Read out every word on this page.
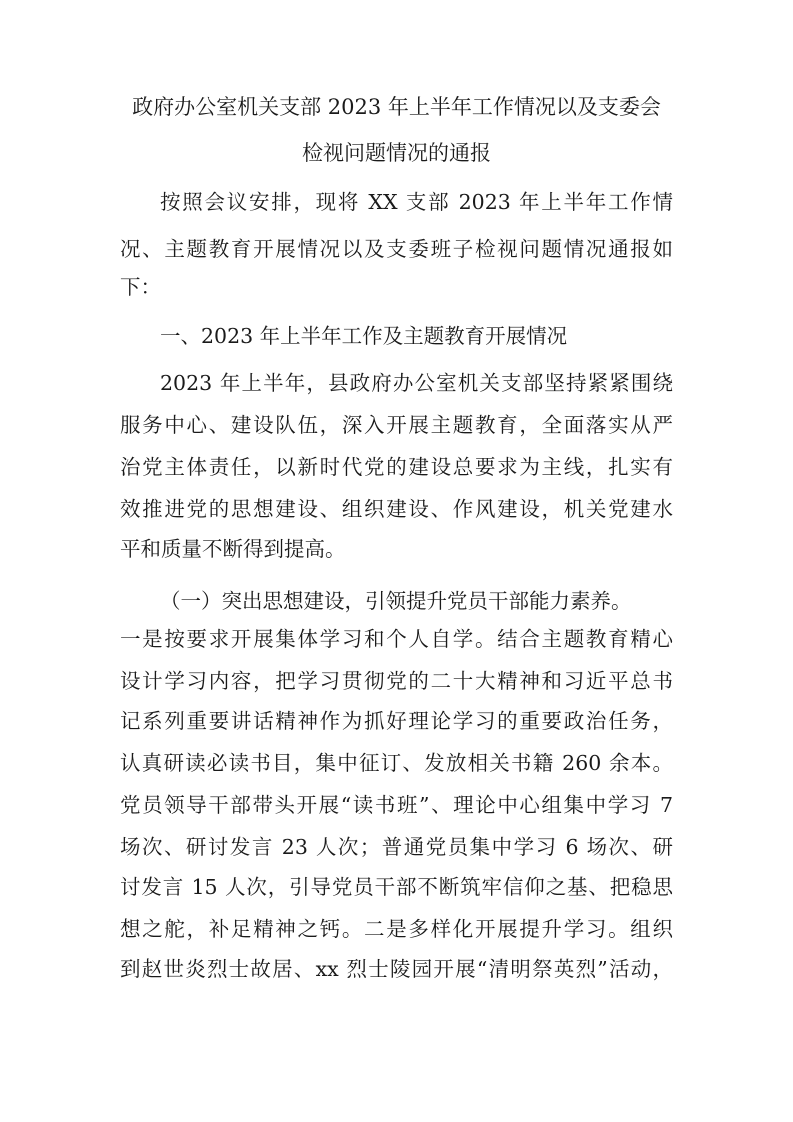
政府办公室机关支部 2023 年上半年工作情况以及支委会
检视问题情况的通报
按照会议安排，现将 XX 支部 2023 年上半年工作情
况、主题教育开展情况以及支委班子检视问题情况通报如
下：
一、2023 年上半年工作及主题教育开展情况
2023 年上半年，县政府办公室机关支部坚持紧紧围绕
服务中心、建设队伍，深入开展主题教育，全面落实从严
治党主体责任，以新时代党的建设总要求为主线，扎实有
效推进党的思想建设、组织建设、作风建设，机关党建水
平和质量不断得到提高。
（一）突出思想建设，引领提升党员干部能力素养。
一是按要求开展集体学习和个人自学。结合主题教育精心
设计学习内容，把学习贯彻党的二十大精神和习近平总书
记系列重要讲话精神作为抓好理论学习的重要政治任务，
认真研读必读书目，集中征订、发放相关书籍 260 余本。
党员领导干部带头开展“读书班”、理论中心组集中学习 7
场次、研讨发言 23 人次；普通党员集中学习 6 场次、研
讨发言 15 人次，引导党员干部不断筑牢信仰之基、把稳思
想之舵，补足精神之钙。二是多样化开展提升学习。组织
到赵世炎烈士故居、xx 烈士陵园开展“清明祭英烈”活动，
